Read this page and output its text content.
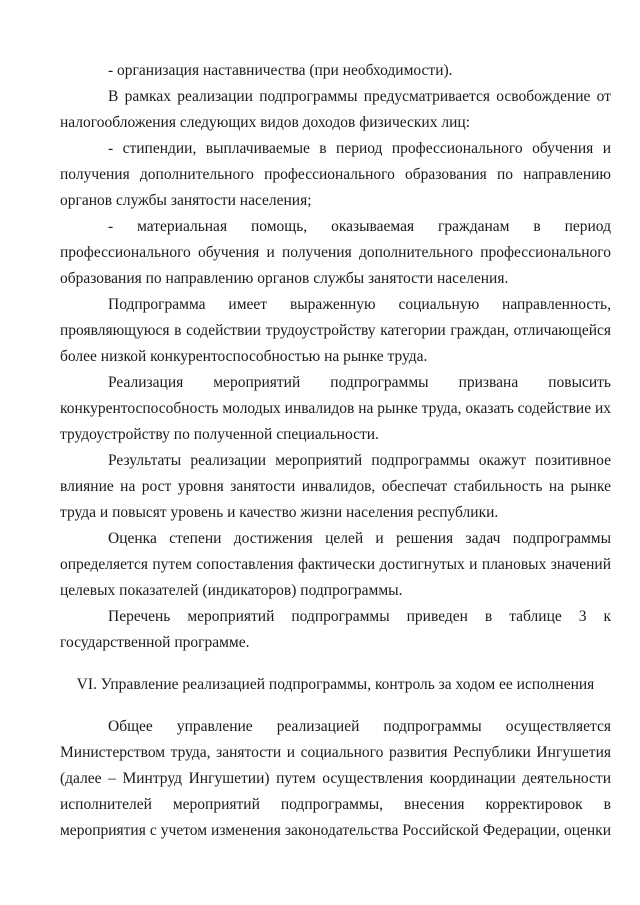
- организация наставничества (при необходимости).

В рамках реализации подпрограммы предусматривается освобождение от налогообложения следующих видов доходов физических лиц:

- стипендии, выплачиваемые в период профессионального обучения и получения дополнительного профессионального образования по направлению органов службы занятости населения;

- материальная помощь, оказываемая гражданам в период профессионального обучения и получения дополнительного профессионального образования по направлению органов службы занятости населения.

Подпрограмма имеет выраженную социальную направленность, проявляющуюся в содействии трудоустройству категории граждан, отличающейся более низкой конкурентоспособностью на рынке труда.

Реализация мероприятий подпрограммы призвана повысить конкурентоспособность молодых инвалидов на рынке труда, оказать содействие их трудоустройству по полученной специальности.

Результаты реализации мероприятий подпрограммы окажут позитивное влияние на рост уровня занятости инвалидов, обеспечат стабильность на рынке труда и повысят уровень и качество жизни населения республики.

Оценка степени достижения целей и решения задач подпрограммы определяется путем сопоставления фактически достигнутых и плановых значений целевых показателей (индикаторов) подпрограммы.

Перечень мероприятий подпрограммы приведен в таблице 3 к государственной программе.

VI. Управление реализацией подпрограммы, контроль за ходом ее исполнения

Общее управление реализацией подпрограммы осуществляется Министерством труда, занятости и социального развития Республики Ингушетия (далее – Минтруд Ингушетии) путем осуществления координации деятельности исполнителей мероприятий подпрограммы, внесения корректировок в мероприятия с учетом изменения законодательства Российской Федерации, оценки
